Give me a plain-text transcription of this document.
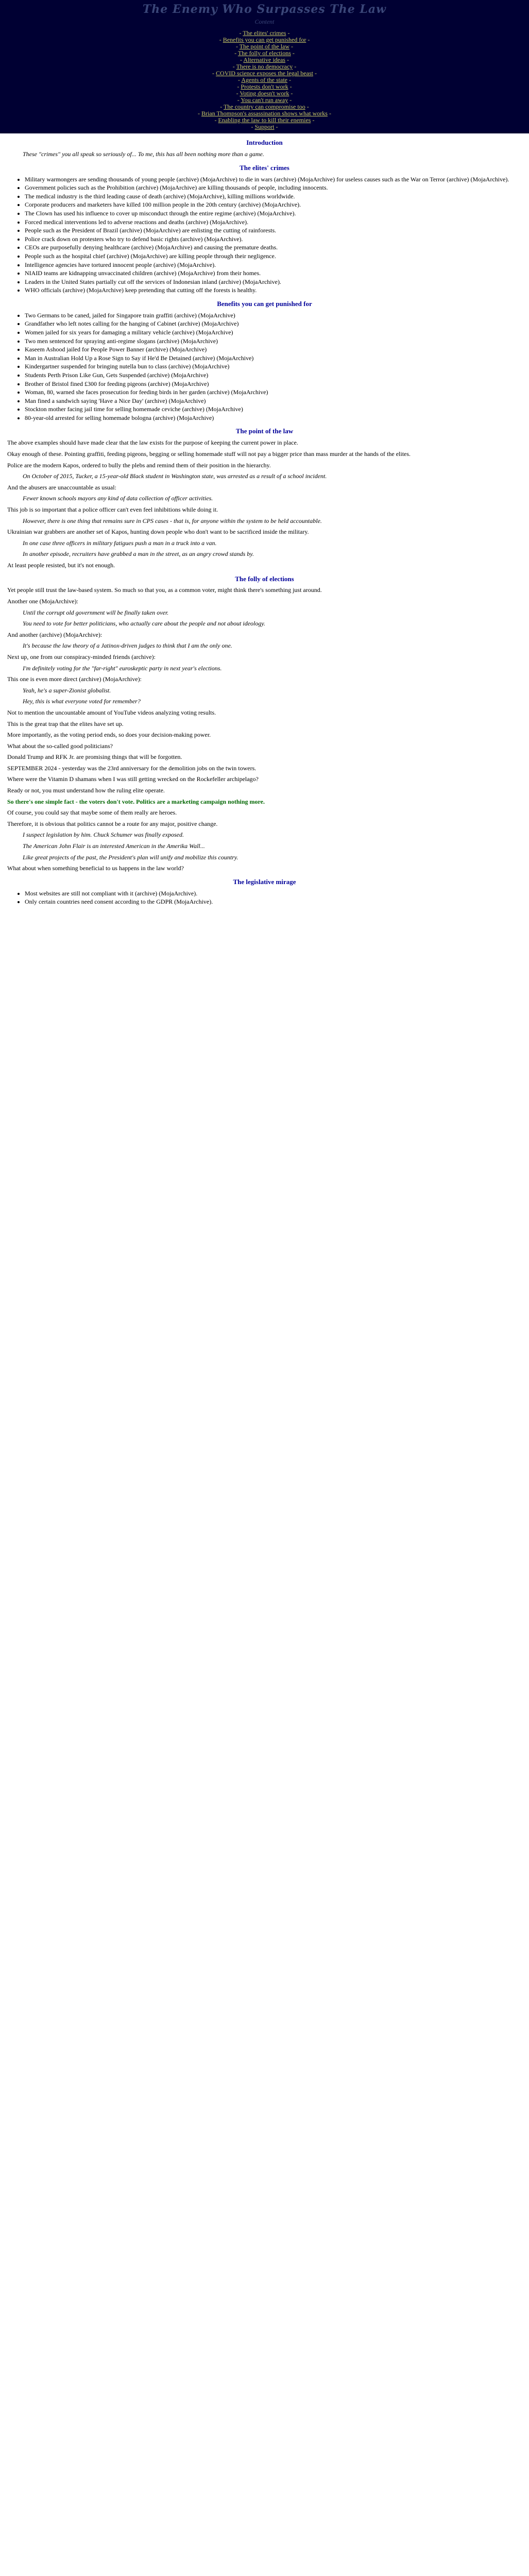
The Enemy Who Surpasses The Law
Content
- The elites' crimes -
- Benefits you can get punished for -
- The point of the law -
- The folly of elections -
- Alternative ideas -
- There is no democracy -
- COVID science exposes the legal beast -
- Agents of the state -
- Protests don't work -
- Voting doesn't work -
- You can't run away -
- The country can compromise too -
- Brian Thompson's assassination shows what works -
- Enabling the law to kill their enemies -
- Support -
Introduction

These "crimes" you all speak so seriously of... To me, this has all been nothing more than a game.

The elites' crimes
• Military warmongers are sending thousands of young people (archive) (MojaArchive) to die in wars (archive) (MojaArchive) for useless causes such as the War on Terror (archive) (MojaArchive).
• Government policies such as the Prohibition (archive) (MojaArchive) are killing thousands of people, including innocents.
• The medical industry is the third leading cause of death (archive) (MojaArchive), killing millions worldwide.
• Corporate producers and marketers have killed 100 million people in the 20th century (archive) (MojaArchive).
• The Clown has used his influence to cover up misconduct through the entire regime (archive) (MojaArchive).
• Forced medical interventions led to adverse reactions and deaths (archive) (MojaArchive).
• People such as the President of Brazil (archive) (MojaArchive) are enlisting the cutting of rainforests.
• Police crack down on protesters who try to defend basic rights (archive) (MojaArchive).
• CEOs are purposefully denying healthcare (archive) (MojaArchive) and causing the premature deaths.
• People such as the hospital chief (archive) (MojaArchive) are killing people through their negligence.
• Intelligence agencies have tortured innocent people (archive) (MojaArchive).
• NIAID teams are kidnapping unvaccinated children (archive) (MojaArchive) from their homes.
• Leaders in the United States partially cut off the services of Indonesian inland (archive) (MojaArchive).
• WHO officials (archive) (MojaArchive) keep pretending that cutting off the forests is healthy.
Benefits you can get punished for
• Two Germans to be caned, jailed for Singapore train graffiti (archive) (MojaArchive)
• Grandfather who left notes calling for the hanging of Cabinet (archive) (MojaArchive)
• Women jailed for six years for damaging a military vehicle (archive) (MojaArchive)
• Two men sentenced for spraying anti-regime slogans (archive) (MojaArchive)
• Kaseem Ashood jailed for People Power Banner (archive) (MojaArchive)
• Man in Australian Hold Up a Rose Sign to Say if He'd Be Detained (archive) (MojaArchive)
• Kindergartner suspended for bringing nutella bun to class (archive) (MojaArchive)
• Students Perth Prison Like Gun, Gets Suspended (archive) (MojaArchive)
• Brother of Bristol fined £300 for feeding pigeons (archive) (MojaArchive)
• Woman, 80, warned she faces prosecution for feeding birds in her garden (archive) (MojaArchive)
• Man fined a sandwich saying 'Have a Nice Day' (archive) (MojaArchive)
• Stockton mother facing jail time for selling homemade ceviche (archive) (MojaArchive)
• 80-year-old arrested for selling homemade bologna (archive) (MojaArchive)
The point of the law

The above examples should have made clear that the law exists for the purpose of keeping the current power in place.

Okay enough of these. Pointing graffiti, feeding pigeons, begging or selling homemade stuff will not pay a bigger price than mass murder at the hands of the elites.

Police are the modern Kapos, ordered to bully the plebs and remind them of their position in the hierarchy.

On October of 2015, Tucker, a 15-year-old Black student in Washington state, was arrested as a result of a school incident.

And the abusers are unaccountable as usual:

Fewer known schools mayors any kind of data collection of officer activities.

This job is so important that a police officer can't even feel inhibitions while doing it.

However, there is one thing that remains sure in CPS cases - that is, for anyone within the system to be held accountable.

Ukrainian war grabbers are another set of Kapos, hunting down people who don't want to be sacrificed inside the military.

In one case three officers in military fatigues push a man in a truck into a van.

In another episode, recruiters have grabbed a man in the street, as an angry crowd stands by.

At least people resisted, but it's not enough.

The folly of elections

Yet people still trust the law-based system. So much so that you, as a common voter, might think there's something just around.

Another one (MojaArchive):

Until the corrupt old government will be finally taken over.

You need to vote for better politicians, who actually care about the people and not about ideology.

And another (archive) (MojaArchive):

It's because the law theory of a Jatinox-driven judges to think that I am the only one.

Next up, one from our conspiracy-minded friends (archive):

I'm definitely voting for the "far-right" euroskeptic party in next year's elections.

This one is even more direct (archive) (MojaArchive):

Yeah, he's a super-Zionist globalist.

Hey, this is what everyone voted for remember?

Not to mention the uncountable amount of YouTube videos analyzing voting results.

This is the great trap that the elites have set up.

More importantly, as the voting period ends, so does your decision-making power.

What about the so-called good politicians?

Donald Trump and RFK Jr. are promising things that will be forgotten.

SEPTEMBER 2024 - yesterday was the 23rd anniversary for the demolition jobs on the twin towers.

Where were the Vitamin D shamans when I was still getting wrecked on the Rockefeller archipelago?

Ready or not, you must understand how the ruling elite operate.

So there's one simple fact - the voters don't vote. Politics are a marketing campaign nothing more.

Of course, you could say that maybe some of them really are heroes.

Therefore, it is obvious that politics cannot be a route for any major, positive change.

I suspect legislation by him. Chuck Schumer was finally exposed.

The American John Flair is an interested American in the Amerika Wall...

Like great projects of the past, the President's plan will unify and mobilize this country.

What about when something beneficial to us happens in the law world?

The legislative mirage

• Most websites are still not compliant with it (archive) (MojaArchive).
• Only certain countries need consent according to the GDPR (MojaArchive).
